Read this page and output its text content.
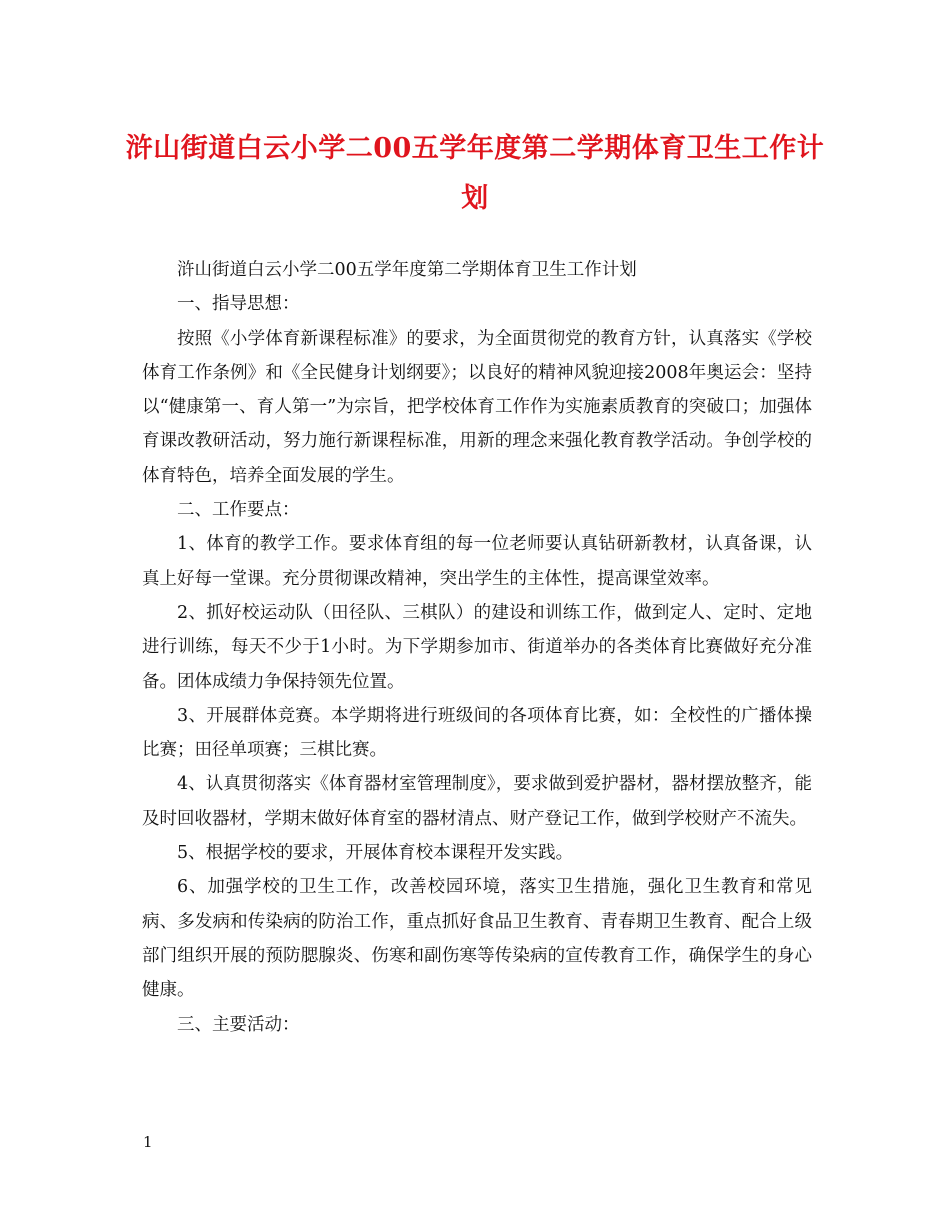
浒山街道白云小学二00五学年度第二学期体育卫生工作计划

浒山街道白云小学二00五学年度第二学期体育卫生工作计划

一、指导思想：

按照《小学体育新课程标准》的要求，为全面贯彻党的教育方针，认真落实《学校体育工作条例》和《全民健身计划纲要》；以良好的精神风貌迎接2008年奥运会：坚持以“健康第一、育人第一”为宗旨，把学校体育工作作为实施素质教育的突破口；加强体育课改教研活动，努力施行新课程标准，用新的理念来强化教育教学活动。争创学校的体育特色，培养全面发展的学生。

二、工作要点：

1、体育的教学工作。要求体育组的每一位老师要认真钻研新教材，认真备课，认真上好每一堂课。充分贯彻课改精神，突出学生的主体性，提高课堂效率。

2、抓好校运动队（田径队、三棋队）的建设和训练工作，做到定人、定时、定地进行训练，每天不少于1小时。为下学期参加市、街道举办的各类体育比赛做好充分准备。团体成绩力争保持领先位置。

3、开展群体竞赛。本学期将进行班级间的各项体育比赛，如：全校性的广播体操比赛；田径单项赛；三棋比赛。

4、认真贯彻落实《体育器材室管理制度》，要求做到爱护器材，器材摆放整齐，能及时回收器材，学期末做好体育室的器材清点、财产登记工作，做到学校财产不流失。

5、根据学校的要求，开展体育校本课程开发实践。

6、加强学校的卫生工作，改善校园环境，落实卫生措施，强化卫生教育和常见病、多发病和传染病的防治工作，重点抓好食品卫生教育、青春期卫生教育、配合上级部门组织开展的预防腮腺炎、伤寒和副伤寒等传染病的宣传教育工作，确保学生的身心健康。

三、主要活动：

1
